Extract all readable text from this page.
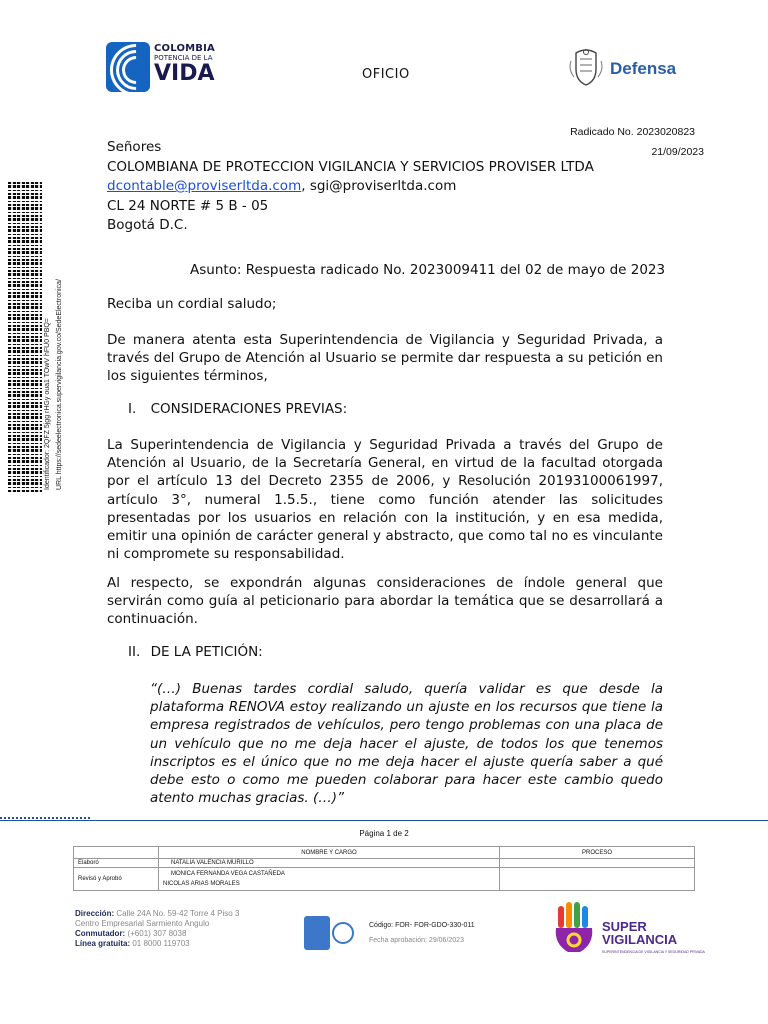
COLOMBIA
POTENCIA DE LA
VIDA	OFICIO	Defensa
Radicado No. 2023020823
21/09/2023
Señores
COLOMBIANA DE PROTECCION VIGILANCIA Y SERVICIOS PROVISER LTDA
dcontable@proviserltda.com, sgi@proviserltda.com
CL 24 NORTE # 5 B - 05
Bogotá D.C.
Identificador: 2QFZ 5jgg rHGy oua1 TOwV hFU0 PBQ= URL https://sedeelectronica.supervigilancia.gov.co/SedeElectronica/
Asunto: Respuesta radicado No. 2023009411 del 02 de mayo de 2023
Reciba un cordial saludo;
De manera atenta esta Superintendencia de Vigilancia y Seguridad Privada, a través del Grupo de Atención al Usuario se permite dar respuesta a su petición en los siguientes términos,
I. CONSIDERACIONES PREVIAS:
La Superintendencia de Vigilancia y Seguridad Privada a través del Grupo de Atención al Usuario, de la Secretaría General, en virtud de la facultad otorgada por el artículo 13 del Decreto 2355 de 2006, y Resolución 20193100061997, artículo 3°, numeral 1.5.5., tiene como función atender las solicitudes presentadas por los usuarios en relación con la institución, y en esa medida, emitir una opinión de carácter general y abstracto, que como tal no es vinculante ni compromete su responsabilidad.
Al respecto, se expondrán algunas consideraciones de índole general que servirán como guía al peticionario para abordar la temática que se desarrollará a continuación.
II. DE LA PETICIÓN:
“(…) Buenas tardes cordial saludo, quería validar es que desde la plataforma RENOVA estoy realizando un ajuste en los recursos que tiene la empresa registrados de vehículos, pero tengo problemas con una placa de un vehículo que no me deja hacer el ajuste, de todos los que tenemos inscriptos es el único que no me deja hacer el ajuste quería saber a qué debe esto o como me pueden colaborar para hacer este cambio quedo atento muchas gracias. (…)”
Página 1 de 2
	NOMBRE Y CARGO	PROCESO
Elaboró	NATALIA VALENCIA MURILLO	
Revisó y Aprobó	MONICA FERNANDA VEGA CASTAÑEDA
NICOLAS ARIAS MORALES	

Dirección: Calle 24A No. 59-42 Torre 4 Piso 3
Centro Empresarial Sarmiento Angulo
Conmutador: (+601) 307 8038
Línea gratuita: 01 8000 119703
Código: FOR- FOR-GDO-330-011
Fecha aprobación: 29/06/2023
SUPER
VIGILANCIA
SUPERINTENDENCIA DE VIGILANCIA Y SEGURIDAD PRIVADA
